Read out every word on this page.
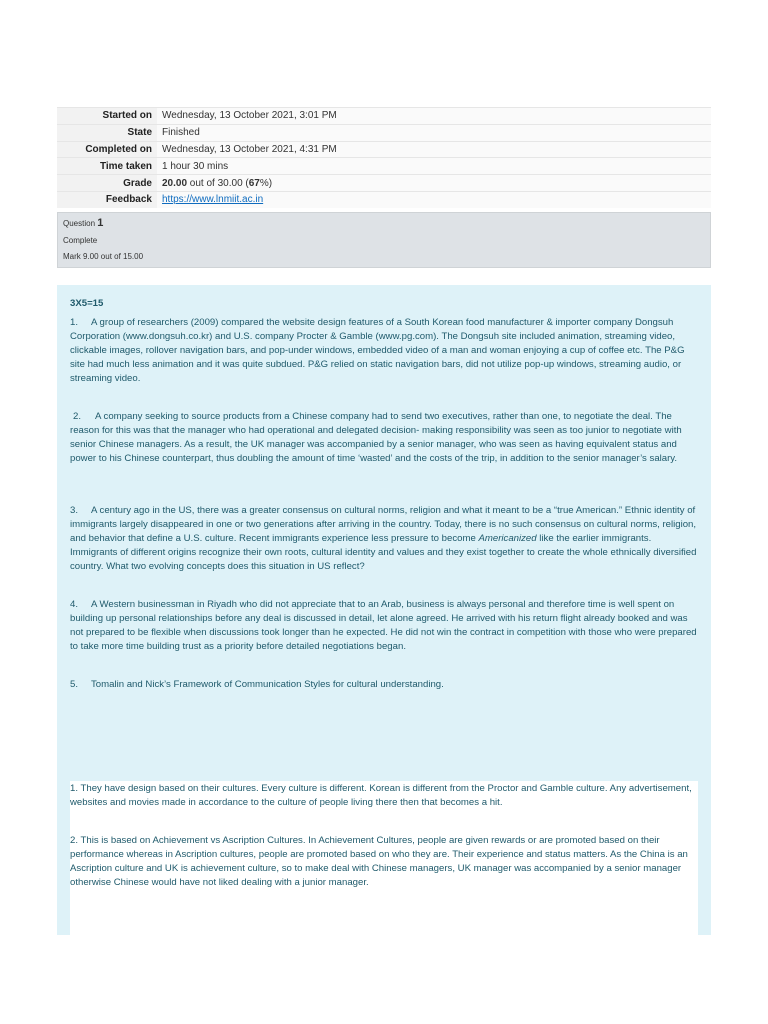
Started on	Wednesday, 13 October 2021, 3:01 PM
State	Finished
Completed on	Wednesday, 13 October 2021, 4:31 PM
Time taken	1 hour 30 mins
Grade	20.00 out of 30.00 (67%)
Feedback	https://www.lnmiit.ac.in
Question 1
Complete
Mark 9.00 out of 15.00

3X5=15

1. A group of researchers (2009) compared the website design features of a South Korean food manufacturer & importer company Dongsuh Corporation (www.dongsuh.co.kr) and U.S. company Procter & Gamble (www.pg.com). The Dongsuh site included animation, streaming video, clickable images, rollover navigation bars, and pop-under windows, embedded video of a man and woman enjoying a cup of coffee etc. The P&G site had much less animation and it was quite subdued. P&G relied on static navigation bars, did not utilize pop-up windows, streaming audio, or streaming video.

2. A company seeking to source products from a Chinese company had to send two executives, rather than one, to negotiate the deal. The reason for this was that the manager who had operational and delegated decision- making responsibility was seen as too junior to negotiate with senior Chinese managers. As a result, the UK manager was accompanied by a senior manager, who was seen as having equivalent status and power to his Chinese counterpart, thus doubling the amount of time ‘wasted’ and the costs of the trip, in addition to the senior manager’s salary.

3. A century ago in the US, there was a greater consensus on cultural norms, religion and what it meant to be a “true American.” Ethnic identity of immigrants largely disappeared in one or two generations after arriving in the country. Today, there is no such consensus on cultural norms, religion, and behavior that define a U.S. culture. Recent immigrants experience less pressure to become Americanized like the earlier immigrants. Immigrants of different origins recognize their own roots, cultural identity and values and they exist together to create the whole ethnically diversified country. What two evolving concepts does this situation in US reflect?

4. A Western businessman in Riyadh who did not appreciate that to an Arab, business is always personal and therefore time is well spent on building up personal relationships before any deal is discussed in detail, let alone agreed. He arrived with his return flight already booked and was not prepared to be flexible when discussions took longer than he expected. He did not win the contract in competition with those who were prepared to take more time building trust as a priority before detailed negotiations began.

5. Tomalin and Nick’s Framework of Communication Styles for cultural understanding.

1. They have design based on their cultures. Every culture is different. Korean is different from the Proctor and Gamble culture. Any advertisement, websites and movies made in accordance to the culture of people living there then that becomes a hit.

2. This is based on Achievement vs Ascription Cultures. In Achievement Cultures, people are given rewards or are promoted based on their performance whereas in Ascription cultures, people are promoted based on who they are. Their experience and status matters. As the China is an Ascription culture and UK is achievement culture, so to make deal with Chinese managers, UK manager was accompanied by a senior manager otherwise Chinese would have not liked dealing with a junior manager.
